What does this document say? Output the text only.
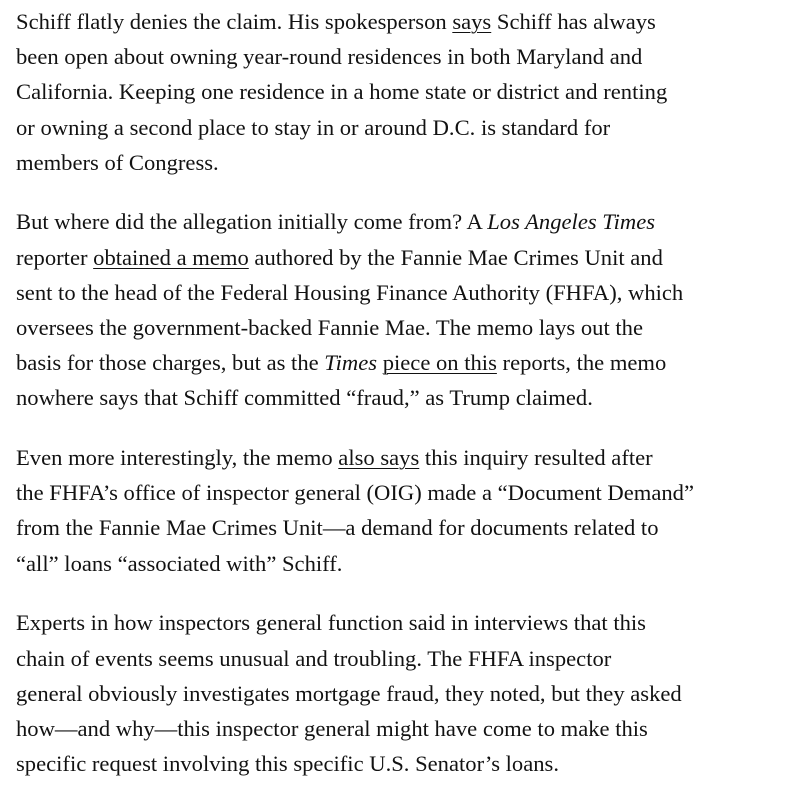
Schiff flatly denies the claim. His spokesperson says Schiff has always
been open about owning year-round residences in both Maryland and
California. Keeping one residence in a home state or district and renting
or owning a second place to stay in or around D.C. is standard for
members of Congress.

But where did the allegation initially come from? A Los Angeles Times
reporter obtained a memo authored by the Fannie Mae Crimes Unit and
sent to the head of the Federal Housing Finance Authority (FHFA), which
oversees the government-backed Fannie Mae. The memo lays out the
basis for those charges, but as the Times piece on this reports, the memo
nowhere says that Schiff committed “fraud,” as Trump claimed.

Even more interestingly, the memo also says this inquiry resulted after
the FHFA’s office of inspector general (OIG) made a “Document Demand”
from the Fannie Mae Crimes Unit—a demand for documents related to
“all” loans “associated with” Schiff.

Experts in how inspectors general function said in interviews that this
chain of events seems unusual and troubling. The FHFA inspector
general obviously investigates mortgage fraud, they noted, but they asked
how—and why—this inspector general might have come to make this
specific request involving this specific U.S. Senator’s loans.
